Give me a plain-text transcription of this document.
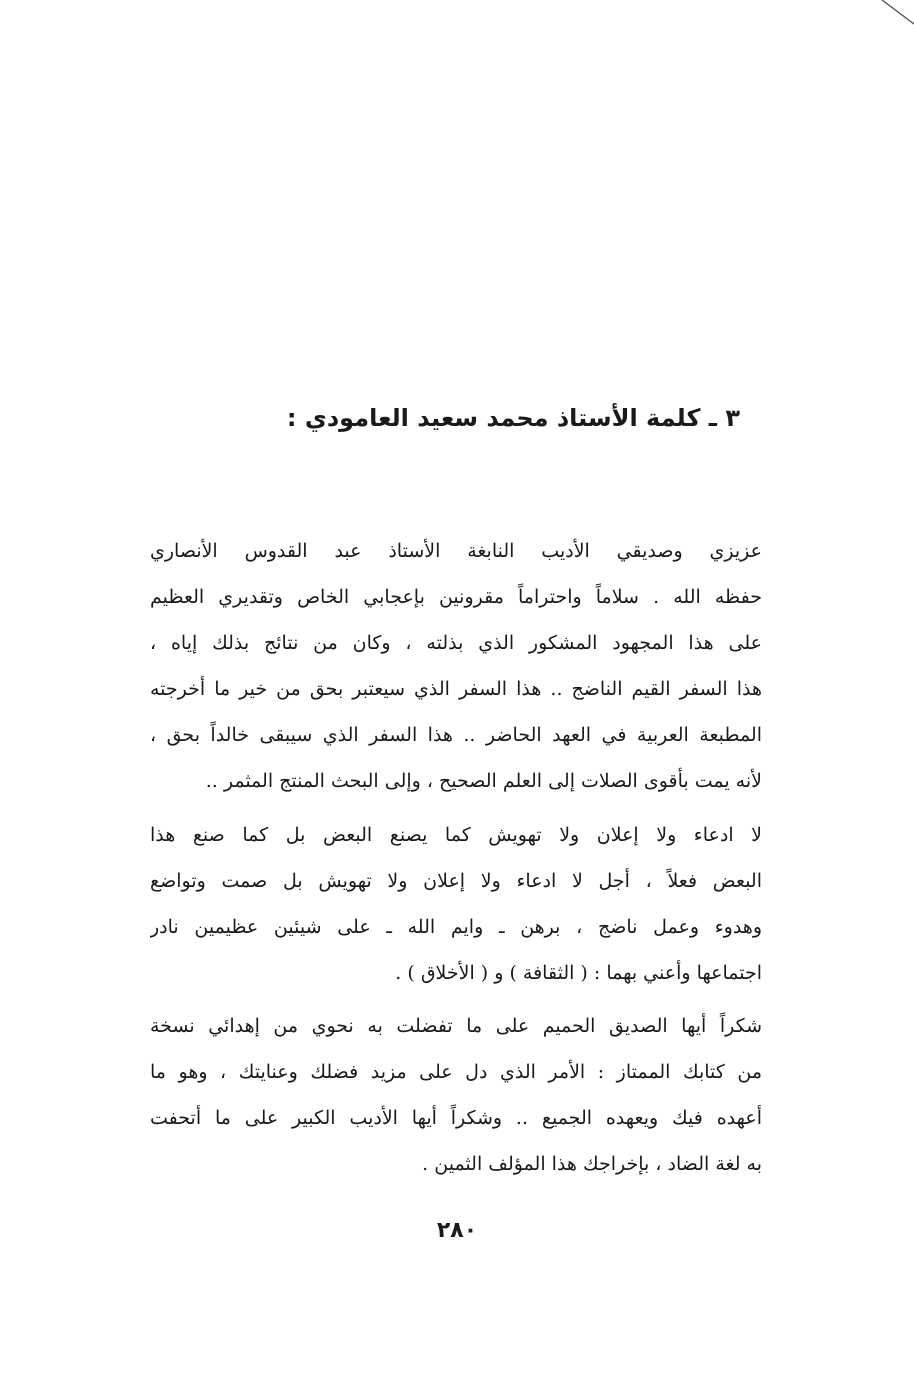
٣ ـ كلمة الأستاذ محمد سعيد العامودي :
عزيزي وصديقي الأديب النابغة الأستاذ عبد القدوس الأنصاري
حفظه الله . سلاماً واحتراماً مقرونين بإعجابي الخاص وتقديري العظيم
على هذا المجهود المشكور الذي بذلته ، وكان من نتائج بذلك إياه ،
هذا السفر القيم الناضج .. هذا السفر الذي سيعتبر بحق من خير ما أخرجته
المطبعة العربية في العهد الحاضر .. هذا السفر الذي سيبقى خالداً بحق ،
لأنه يمت بأقوى الصلات إلى العلم الصحيح ، وإلى البحث المنتج المثمر ..
لا ادعاء ولا إعلان ولا تهويش كما يصنع البعض بل كما صنع هذا
البعض فعلاً ، أجل لا ادعاء ولا إعلان ولا تهويش بل صمت وتواضع
وهدوء وعمل ناضج ، برهن ـ وايم الله ـ على شيئين عظيمين نادر
اجتماعها وأعني بهما : ( الثقافة ) و ( الأخلاق ) .
شكراً أيها الصديق الحميم على ما تفضلت به نحوي من إهدائي نسخة
من كتابك الممتاز : الأمر الذي دل على مزيد فضلك وعنايتك ، وهو ما
أعهده فيك ويعهده الجميع .. وشكراً أيها الأديب الكبير على ما أتحفت
به لغة الضاد ، بإخراجك هذا المؤلف الثمين .
٢٨٠
